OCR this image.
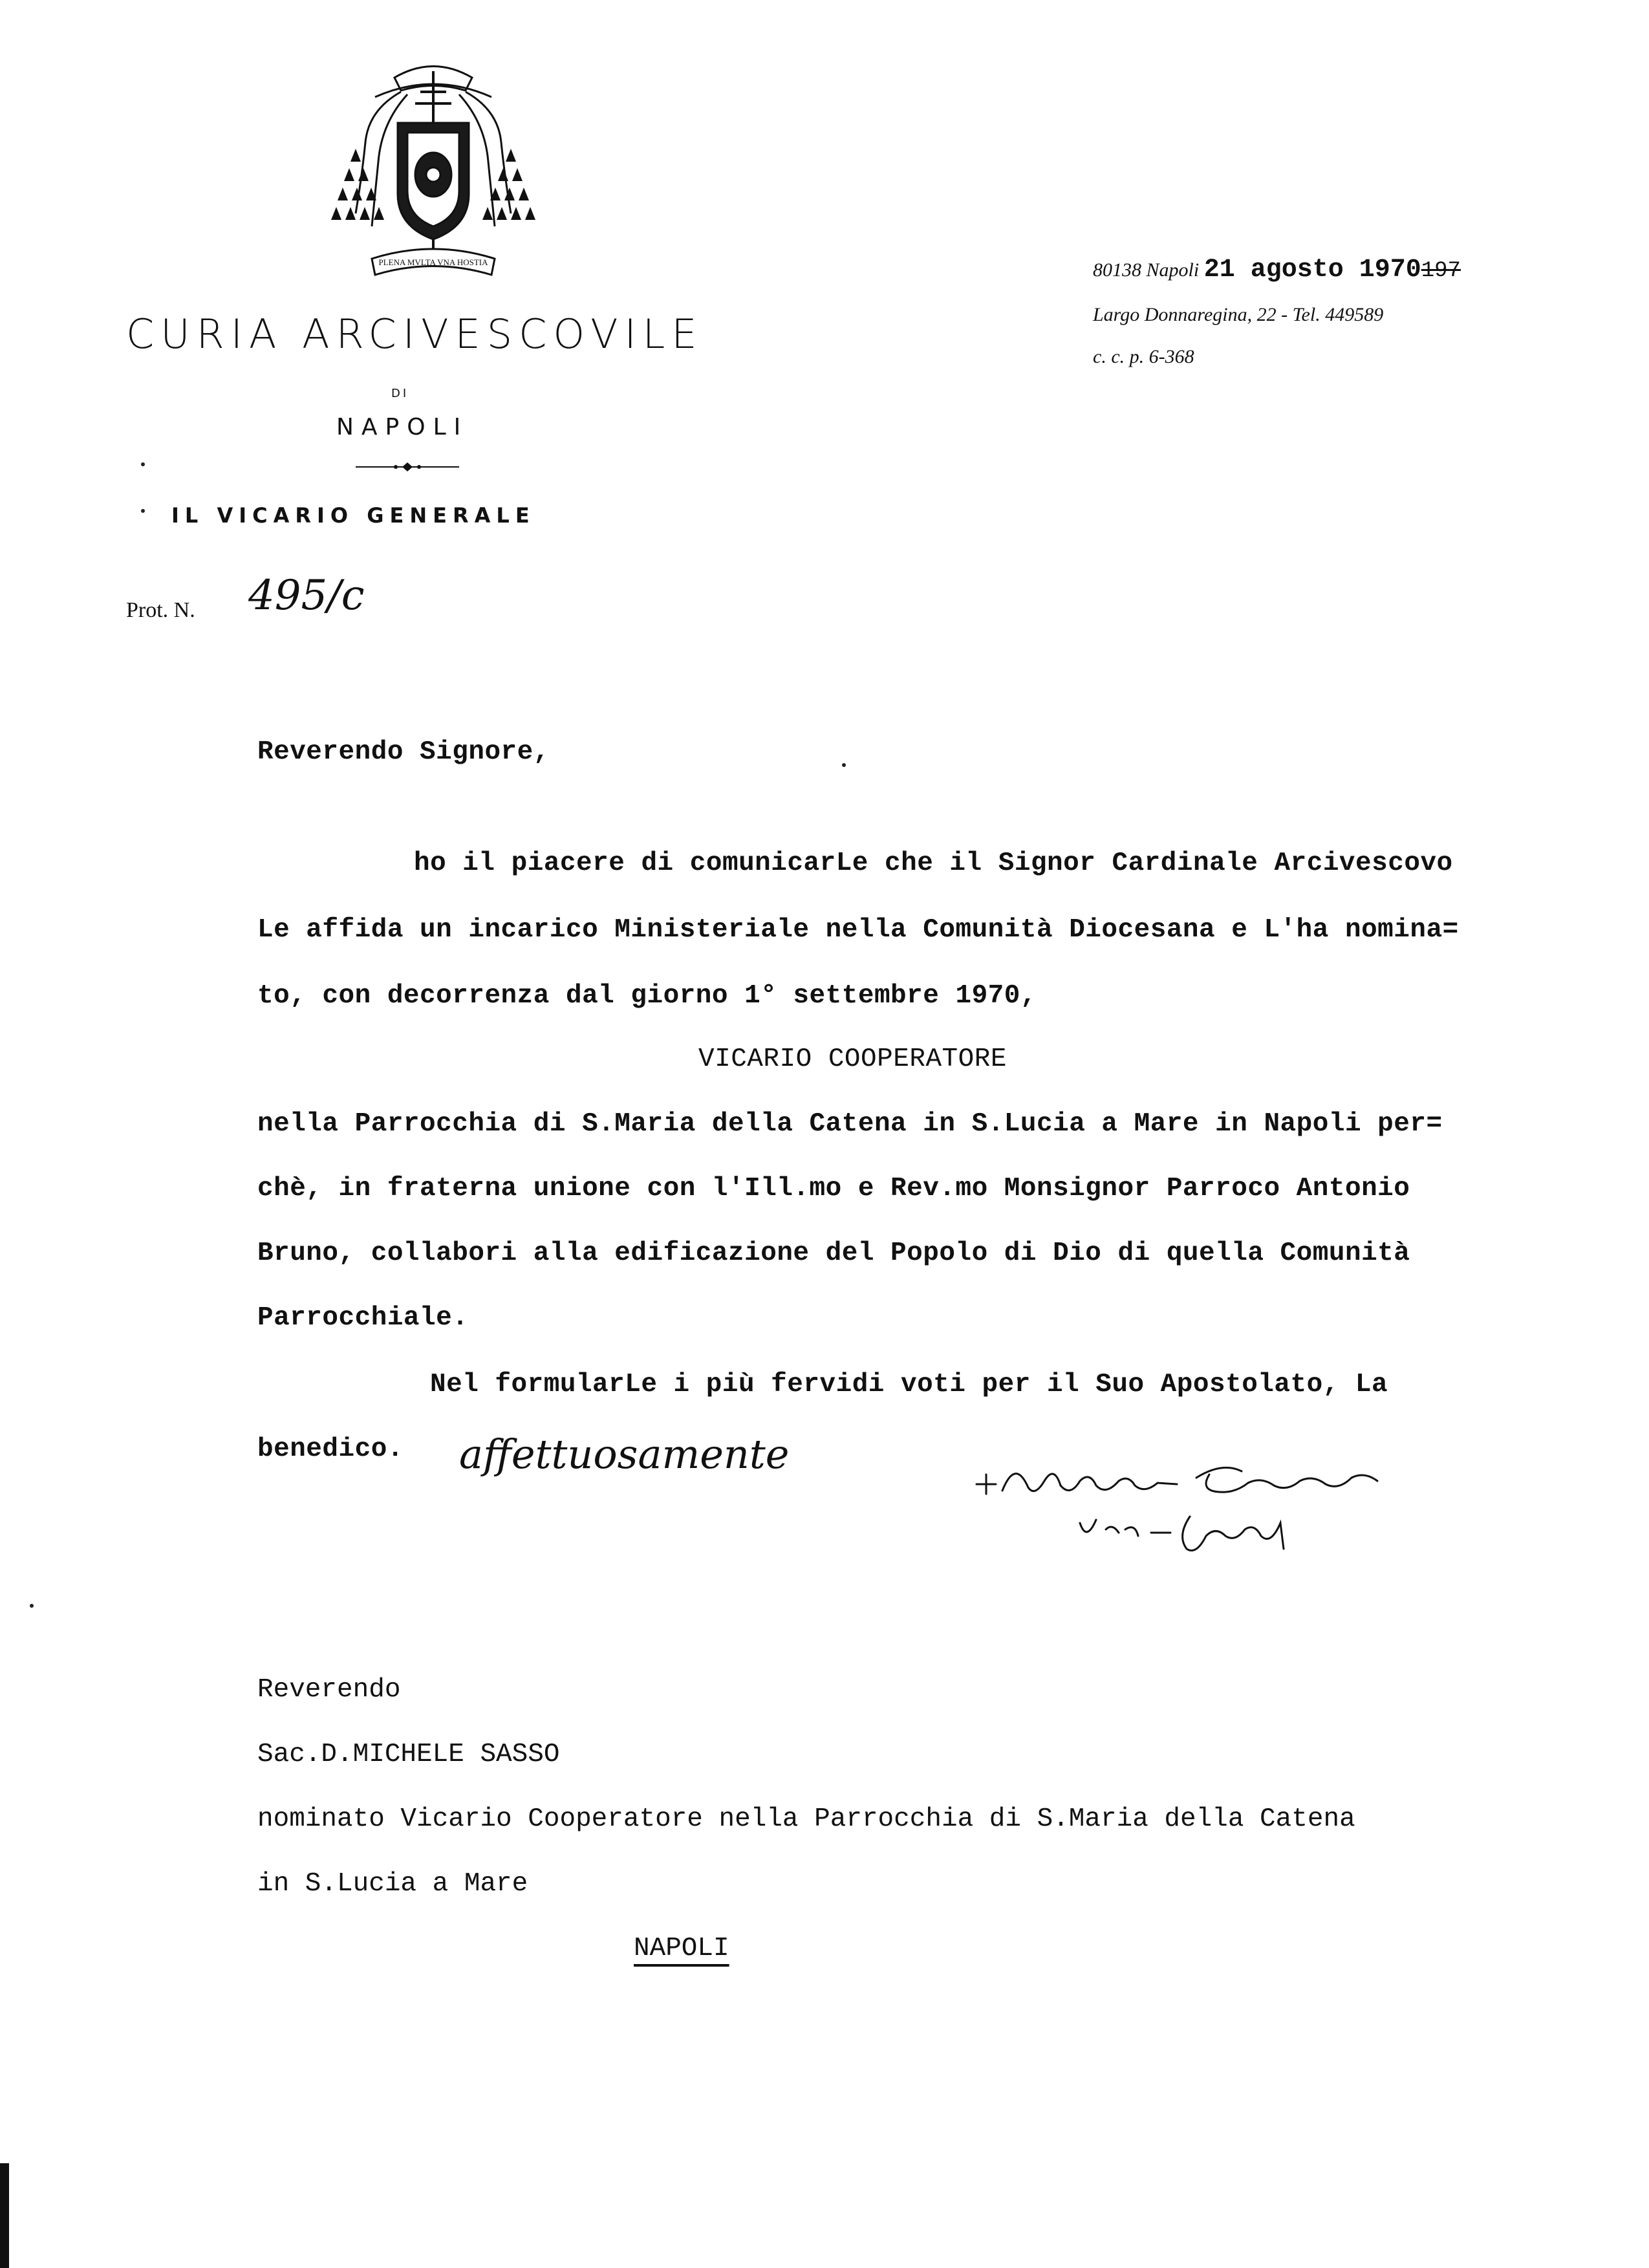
PLENA MVLTA VNA HOSTIA
CURIA ARCIVESCOVILE
DI
NAPOLI
IL VICARIO GENERALE
Prot. N. 495/c
80138 Napoli 21 agosto 1970197
Largo Donnaregina, 22 - Tel. 449589
c. c. p. 6-368
Reverendo Signore,
ho il piacere di comunicarLe che il Signor Cardinale Arcivescovo
Le affida un incarico Ministeriale nella Comunità Diocesana e L'ha nomina=
to, con decorrenza dal giorno 1° settembre 1970,
VICARIO COOPERATORE
nella Parrocchia di S.Maria della Catena in S.Lucia a Mare in Napoli per=
chè, in fraterna unione con l'Ill.mo e Rev.mo Monsignor Parroco Antonio
Bruno, collabori alla edificazione del Popolo di Dio di quella Comunità
Parrocchiale.
Nel formularLe i più fervidi voti per il Suo Apostolato, La
benedico. affettuosamente	Antonio Zama Vic. Gen.le
Reverendo
Sac.D.MICHELE SASSO
nominato Vicario Cooperatore nella Parrocchia di S.Maria della Catena
in S.Lucia a Mare
NAPOLI
